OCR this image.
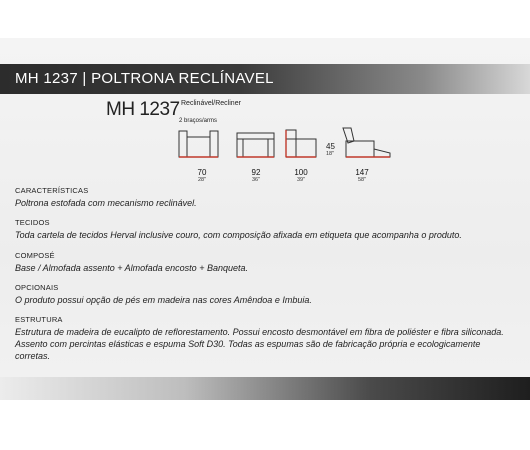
MH 1237 | POLTRONA RECLÍNAVEL
MH 1237 Reclinável/Recliner
2 braços/arms
45
18"
70
28"
92
36"
100
39"
147
58"
CARACTERÍSTICAS
Poltrona estofada com mecanismo reclinável.
TECIDOS
Toda cartela de tecidos Herval inclusive couro, com composição afixada em etiqueta que acompanha o produto.
COMPOSÉ
Base / Almofada assento + Almofada encosto + Banqueta.
OPCIONAIS
O produto possui opção de pés em madeira nas cores Amêndoa e Imbuia.
ESTRUTURA
Estrutura de madeira de eucalipto de reflorestamento. Possui encosto desmontável em fibra de poliéster e fibra siliconada. Assento com percintas elásticas e espuma Soft D30. Todas as espumas são de fabricação própria e ecologicamente corretas.
